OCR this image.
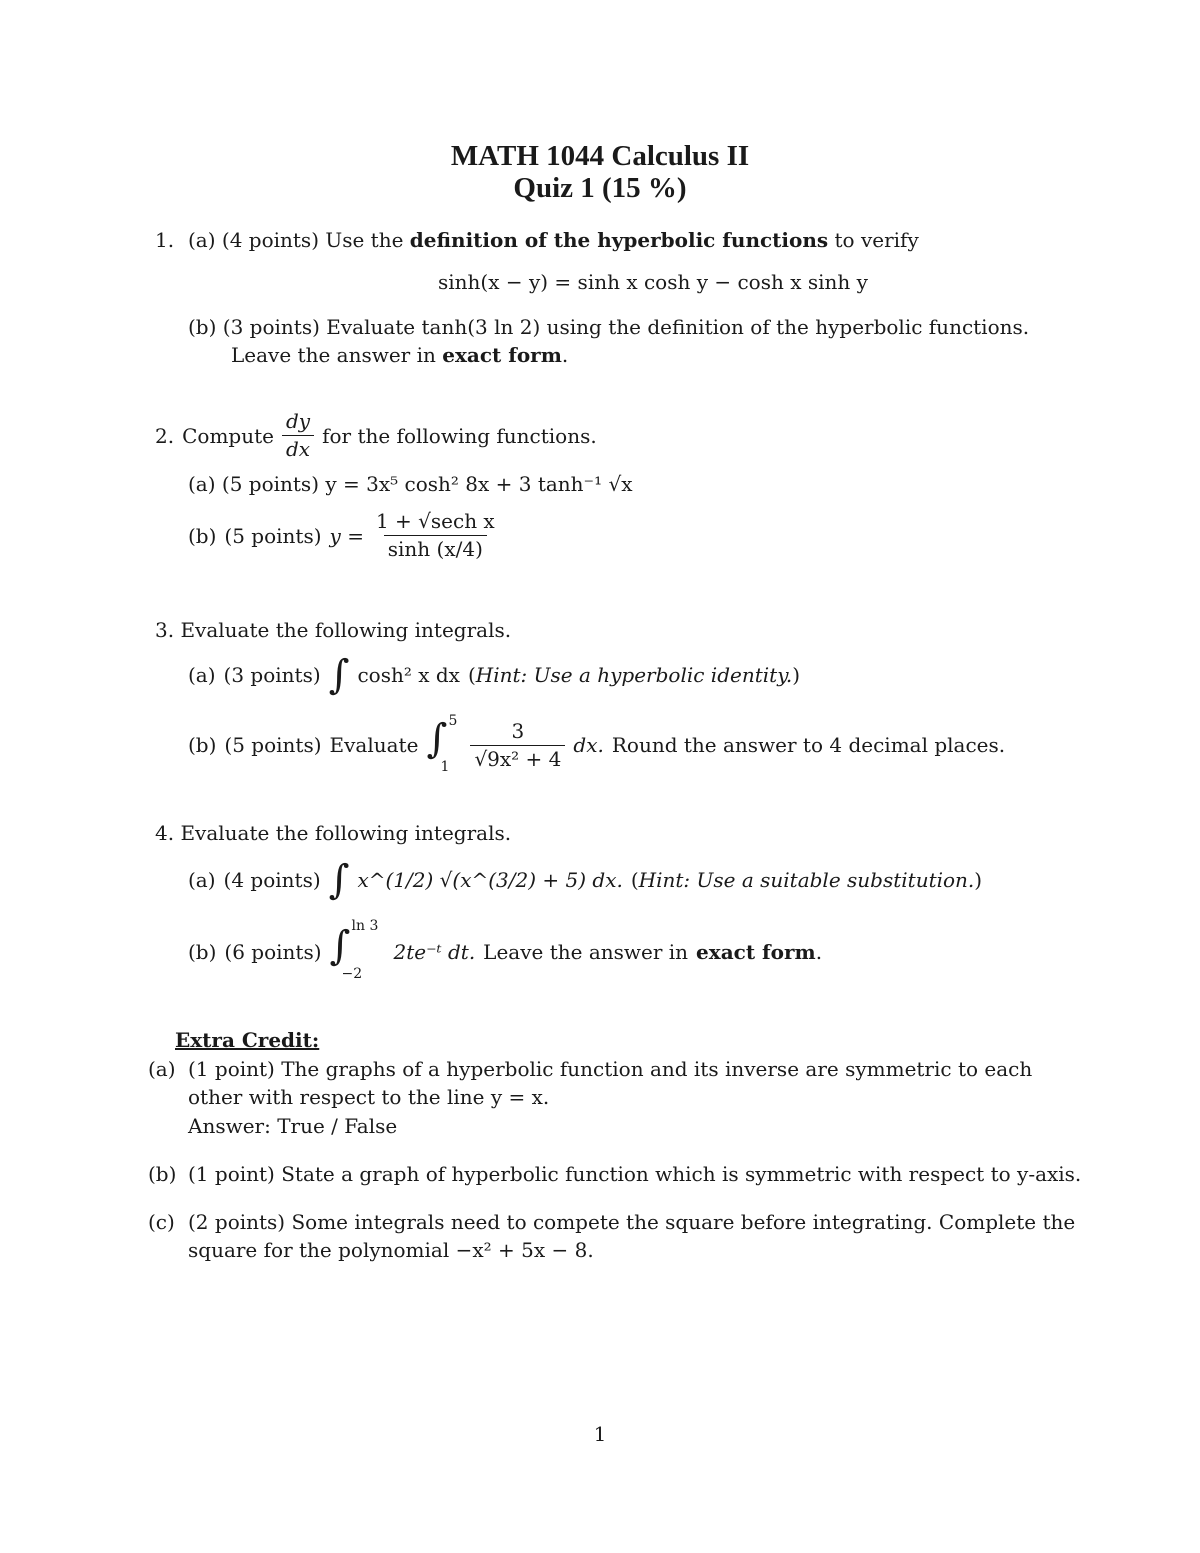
MATH 1044 Calculus II
Quiz 1 (15 %)
1. (a) (4 points) Use the definition of the hyperbolic functions to verify
sinh(x − y) = sinh x cosh y − cosh x sinh y
(b) (3 points) Evaluate tanh(3 ln 2) using the definition of the hyperbolic functions.
Leave the answer in exact form.
2. Compute $\frac{dy}{dx}$ for the following functions.
(a) (5 points) y = 3x⁵ cosh² 8x + 3 tanh⁻¹ √x
(b) (5 points) $y = \frac{\text{1 + √sech x}}{\sinh (x/4)}$
3. Evaluate the following integrals.
(a) (3 points) ∫ cosh² x dx (Hint: Use a hyperbolic identity.)
(b) (5 points) Evaluate ∫ 5
$1 \frac{3}{\text{√9x² + 4}}$ dx. Round the answer to 4 decimal places.
4. Evaluate the following integrals.
(a) (4 points) ∫ x^(1/2) √(x^(3/2) + 5) dx. (Hint: Use a suitable substitution.)
(b) (6 points) ∫ ln 3
−2
2te⁻ᵗ dt. Leave the answer in exact form.
Extra Credit:
(a) (1 point) The graphs of a hyperbolic function and its inverse are symmetric to each
other with respect to the line y = x.
Answer: True / False
(b) (1 point) State a graph of hyperbolic function which is symmetric with respect to y-axis.
(c) (2 points) Some integrals need to compete the square before integrating. Complete the
square for the polynomial −x² + 5x − 8.
1
